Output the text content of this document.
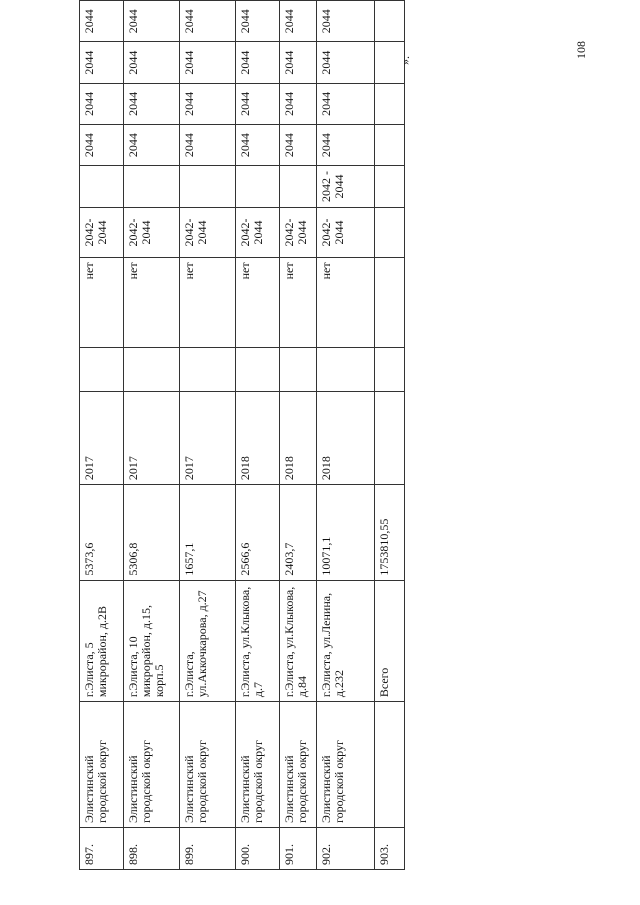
897.	Элистинский городской округ	г.Элиста, 5 микрорайон, д.2В	5373,6	2017		нет	2042-2044		2044	2044	2044	2044
898.	Элистинский городской округ	г.Элиста, 10 микрорайон, д.15, корп.5	5306,8	2017		нет	2042-2044		2044	2044	2044	2044
899.	Элистинский городской округ	г.Элиста, ул.Аккочкарова, д.27	1657,1	2017		нет	2042-2044		2044	2044	2044	2044
900.	Элистинский городской округ	г.Элиста, ул.Клыкова, д.7	2566,6	2018		нет	2042-2044		2044	2044	2044	2044
901.	Элистинский городской округ	г.Элиста, ул.Клыкова, д.84	2403,7	2018		нет	2042-2044		2044	2044	2044	2044
902.	Элистинский городской округ	г.Элиста, ул.Ленина, д.232	10071,1	2018		нет	2042-2044	2042 - 2044	2044	2044	2044	2044
903.		Всего	1753810,55									
».
108
